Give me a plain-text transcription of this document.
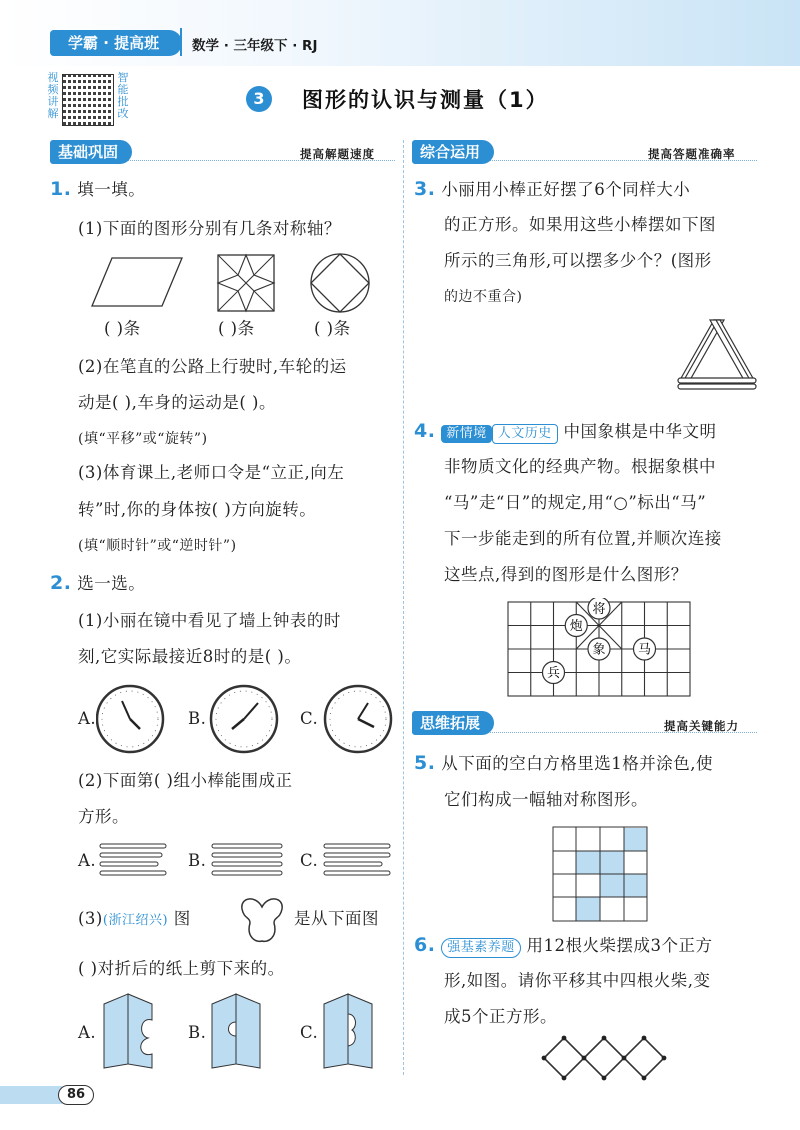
学霸 · 提高班	数学 · 三年级下 · RJ
视频讲解
智能批改
3	图形的认识与测量（1）
基础巩固	提高解题速度
1. 填一填。
(1)下面的图形分别有几条对称轴？
( )条	( )条	( )条
(2)在笔直的公路上行驶时,车轮的运
动是( ),车身的运动是( )。
(填“平移”或“旋转”)
(3)体育课上,老师口令是“立正,向左
转”时,你的身体按( )方向旋转。
(填“顺时针”或“逆时针”)
2. 选一选。
(1)小丽在镜中看见了墙上钟表的时
刻,它实际最接近8时的是( )。
A.	B.	C.
(2)下面第( )组小棒能围成正
方形。
A.	B.	C.
(3)(浙江绍兴) 图	是从下面图
( )对折后的纸上剪下来的。
A.	B.	C.
综合运用	提高答题准确率
3. 小丽用小棒正好摆了6个同样大小
的正方形。如果用这些小棒摆如下图
所示的三角形,可以摆多少个？(图形
的边不重合)
4. 新情境 人文历史 中国象棋是中华文明
非物质文化的经典产物。根据象棋中
“马”走“日”的规定,用“○”标出“马”
下一步能走到的所有位置,并顺次连接
这些点,得到的图形是什么图形？
将
炮
象 马
兵
思维拓展	提高关键能力
5. 从下面的空白方格里选1格并涂色,使
它们构成一幅轴对称图形。
6. 强基素养题 用12根火柴摆成3个正方
形,如图。请你平移其中四根火柴,变
成5个正方形。
86
